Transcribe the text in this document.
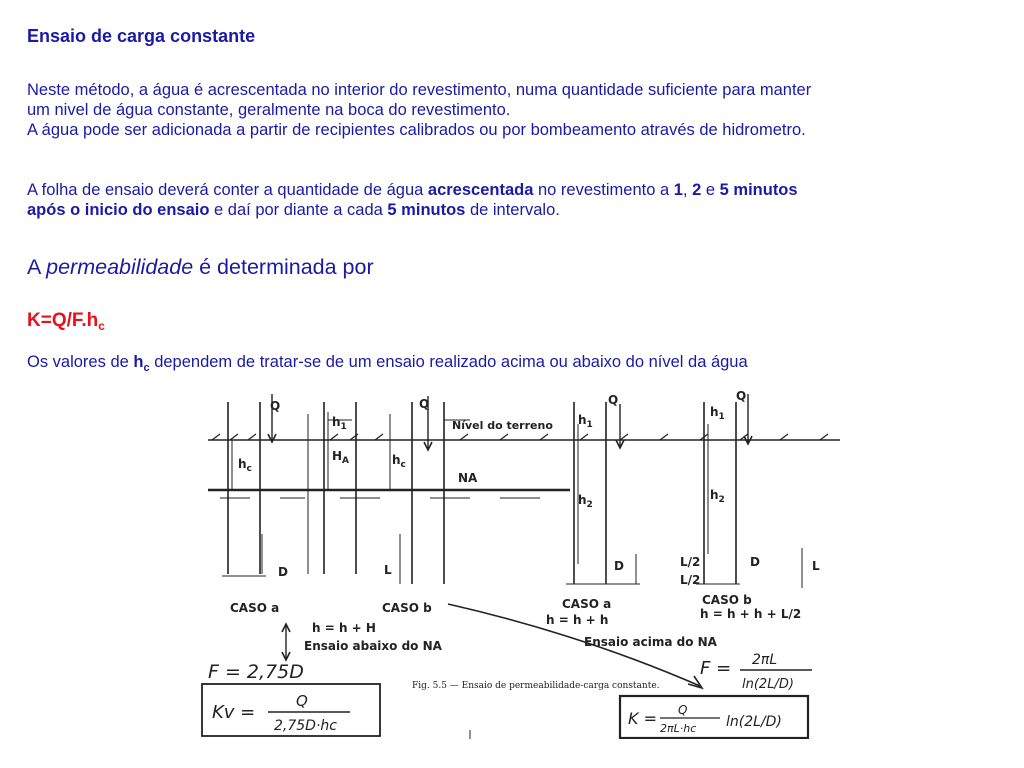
Ensaio de carga constante
Neste método, a água é acrescentada no interior do revestimento, numa quantidade suficiente para manter
um nivel de água constante, geralmente na boca do revestimento.
A água pode ser adicionada a partir de recipientes calibrados ou por bombeamento através de hidrometro.
A folha de ensaio deverá conter a quantidade de água acrescentada no revestimento a 1, 2 e 5 minutos
após o inicio do ensaio e daí por diante a cada 5 minutos de intervalo.
A permeabilidade é determinada por
$K=Q/F.h_c$
Os valores de $h_c$ dependem de tratar-se de um ensaio realizado acima ou abaixo do nível da água
Q	Q	Q	Q
$h_c$
$h_1$
$H_A$	$h_c$
Nível do terreno
NA
$h_1$
$h_2$
$h_1$
$h_2$
D	D	D
L	L
L/2
L/2
CASO a	CASO b	CASO a	CASO b
h = h + H
h = h + h	h = h + h + L/2
Ensaio abaixo do NA	Ensaio acima do NA
Fig. 5.5 — Ensaio de permeabilidade-carga constante.
F = 2,75D
Kv =
Q
2,75D·hc
F = 2πL
ln(2L/D)
K = Q
2πL·hc ln(2L/D)
